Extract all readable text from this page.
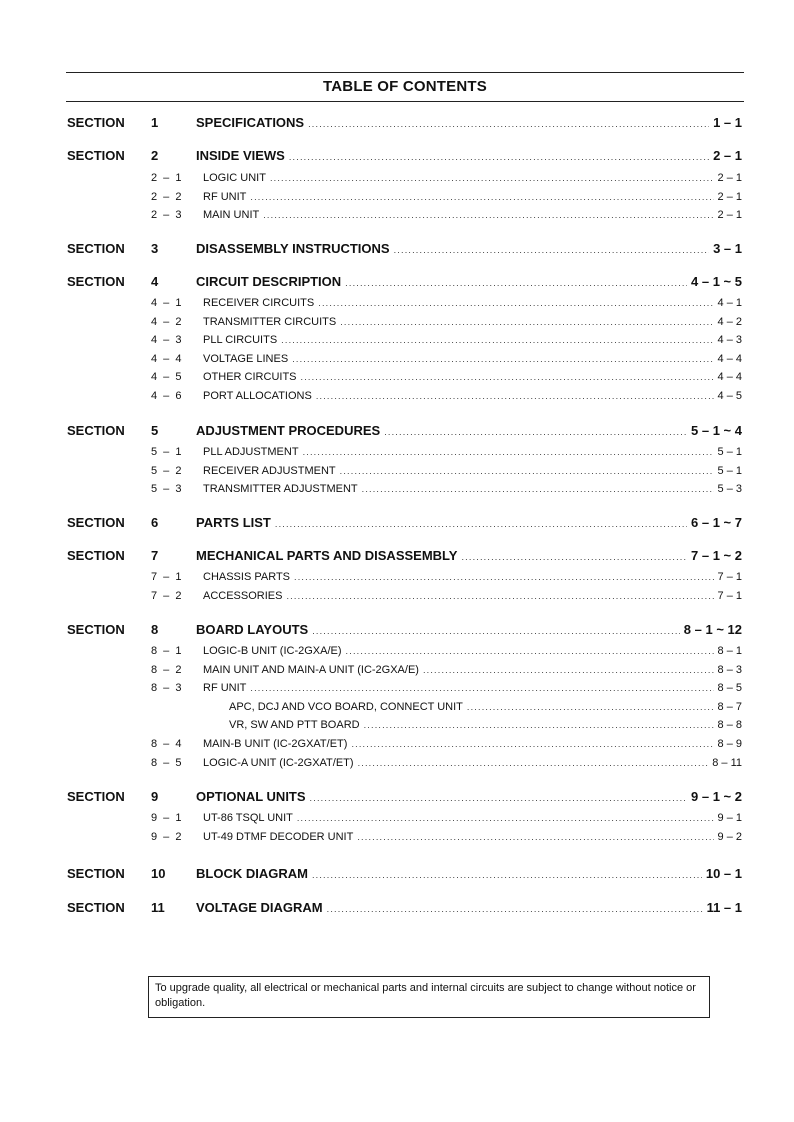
TABLE OF CONTENTS
SECTION 1	SPECIFICATIONS .....	1 – 1
SECTION 2	INSIDE VIEWS .....	2 – 1
2 – 1 LOGIC UNIT .....	2 – 1
2 – 2 RF UNIT .....	2 – 1
2 – 3 MAIN UNIT .....	2 – 1
SECTION 3	DISASSEMBLY INSTRUCTIONS .....	3 – 1
SECTION 4	CIRCUIT DESCRIPTION .....	4 – 1 ~ 5
4 – 1 RECEIVER CIRCUITS .....	4 – 1
4 – 2 TRANSMITTER CIRCUITS .....	4 – 2
4 – 3 PLL CIRCUITS .....	4 – 3
4 – 4 VOLTAGE LINES .....	4 – 4
4 – 5 OTHER CIRCUITS .....	4 – 4
4 – 6 PORT ALLOCATIONS .....	4 – 5
SECTION 5	ADJUSTMENT PROCEDURES .....	5 – 1 ~ 4
5 – 1 PLL ADJUSTMENT .....	5 – 1
5 – 2 RECEIVER ADJUSTMENT .....	5 – 1
5 – 3 TRANSMITTER ADJUSTMENT .....	5 – 3
SECTION 6	PARTS LIST .....	6 – 1 ~ 7
SECTION 7	MECHANICAL PARTS AND DISASSEMBLY .....	7 – 1 ~ 2
7 – 1 CHASSIS PARTS .....	7 – 1
7 – 2 ACCESSORIES .....	7 – 1
SECTION 8	BOARD LAYOUTS .....	8 – 1 ~ 12
8 – 1 LOGIC-B UNIT (IC-2GXA/E) .....	8 – 1
8 – 2 MAIN UNIT AND MAIN-A UNIT (IC-2GXA/E) .....	8 – 3
8 – 3 RF UNIT .....	8 – 5
APC, DCJ AND VCO BOARD, CONNECT UNIT .....	8 – 7
VR, SW AND PTT BOARD .....	8 – 8
8 – 4 MAIN-B UNIT (IC-2GXAT/ET) .....	8 – 9
8 – 5 LOGIC-A UNIT (IC-2GXAT/ET) .....	8 – 11
SECTION 9	OPTIONAL UNITS .....	9 – 1 ~ 2
9 – 1 UT-86 TSQL UNIT .....	9 – 1
9 – 2 UT-49 DTMF DECODER UNIT .....	9 – 2
SECTION 10 BLOCK DIAGRAM .....	10 – 1
SECTION 11 VOLTAGE DIAGRAM .....	11 – 1
To upgrade quality, all electrical or mechanical parts and internal circuits are subject to change without notice or obligation.
